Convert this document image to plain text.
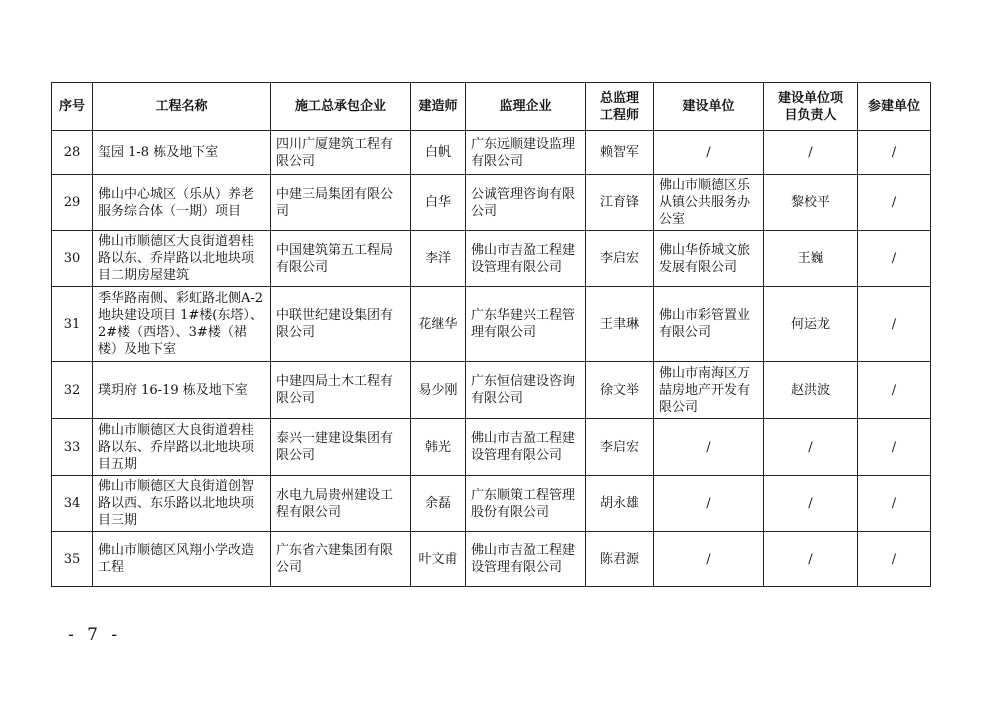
序号	工程名称	施工总承包企业	建造师	监理企业	总监理工程师	建设单位	建设单位项目负责人	参建单位
28	玺园 1-8 栋及地下室	四川广厦建筑工程有限公司	白帆	广东远顺建设监理有限公司	赖智军	/	/	/
29	佛山中心城区（乐从）养老服务综合体（一期）项目	中建三局集团有限公司	白华	公诚管理咨询有限公司	江育锋	佛山市顺德区乐从镇公共服务办公室	黎校平	/
30	佛山市顺德区大良街道碧桂路以东、乔岸路以北地块项目二期房屋建筑	中国建筑第五工程局有限公司	李洋	佛山市吉盈工程建设管理有限公司	李启宏	佛山华侨城文旅发展有限公司	王巍	/
31	季华路南侧、彩虹路北侧A-2 地块建设项目 1#楼(东塔）、2#楼（西塔）、3#楼（裙楼）及地下室	中联世纪建设集团有限公司	花继华	广东华建兴工程管理有限公司	王聿琳	佛山市彩管置业有限公司	何运龙	/
32	璞玥府 16-19 栋及地下室	中建四局土木工程有限公司	易少刚	广东恒信建设咨询有限公司	徐文举	佛山市南海区万喆房地产开发有限公司	赵洪波	/
33	佛山市顺德区大良街道碧桂路以东、乔岸路以北地块项目五期	泰兴一建建设集团有限公司	韩光	佛山市吉盈工程建设管理有限公司	李启宏	/	/	/
34	佛山市顺德区大良街道创智路以西、东乐路以北地块项目三期	水电九局贵州建设工程有限公司	余磊	广东顺策工程管理股份有限公司	胡永雄	/	/	/
35	佛山市顺德区风翔小学改造工程	广东省六建集团有限公司	叶文甫	佛山市吉盈工程建设管理有限公司	陈君源	/	/	/
- 7 -
